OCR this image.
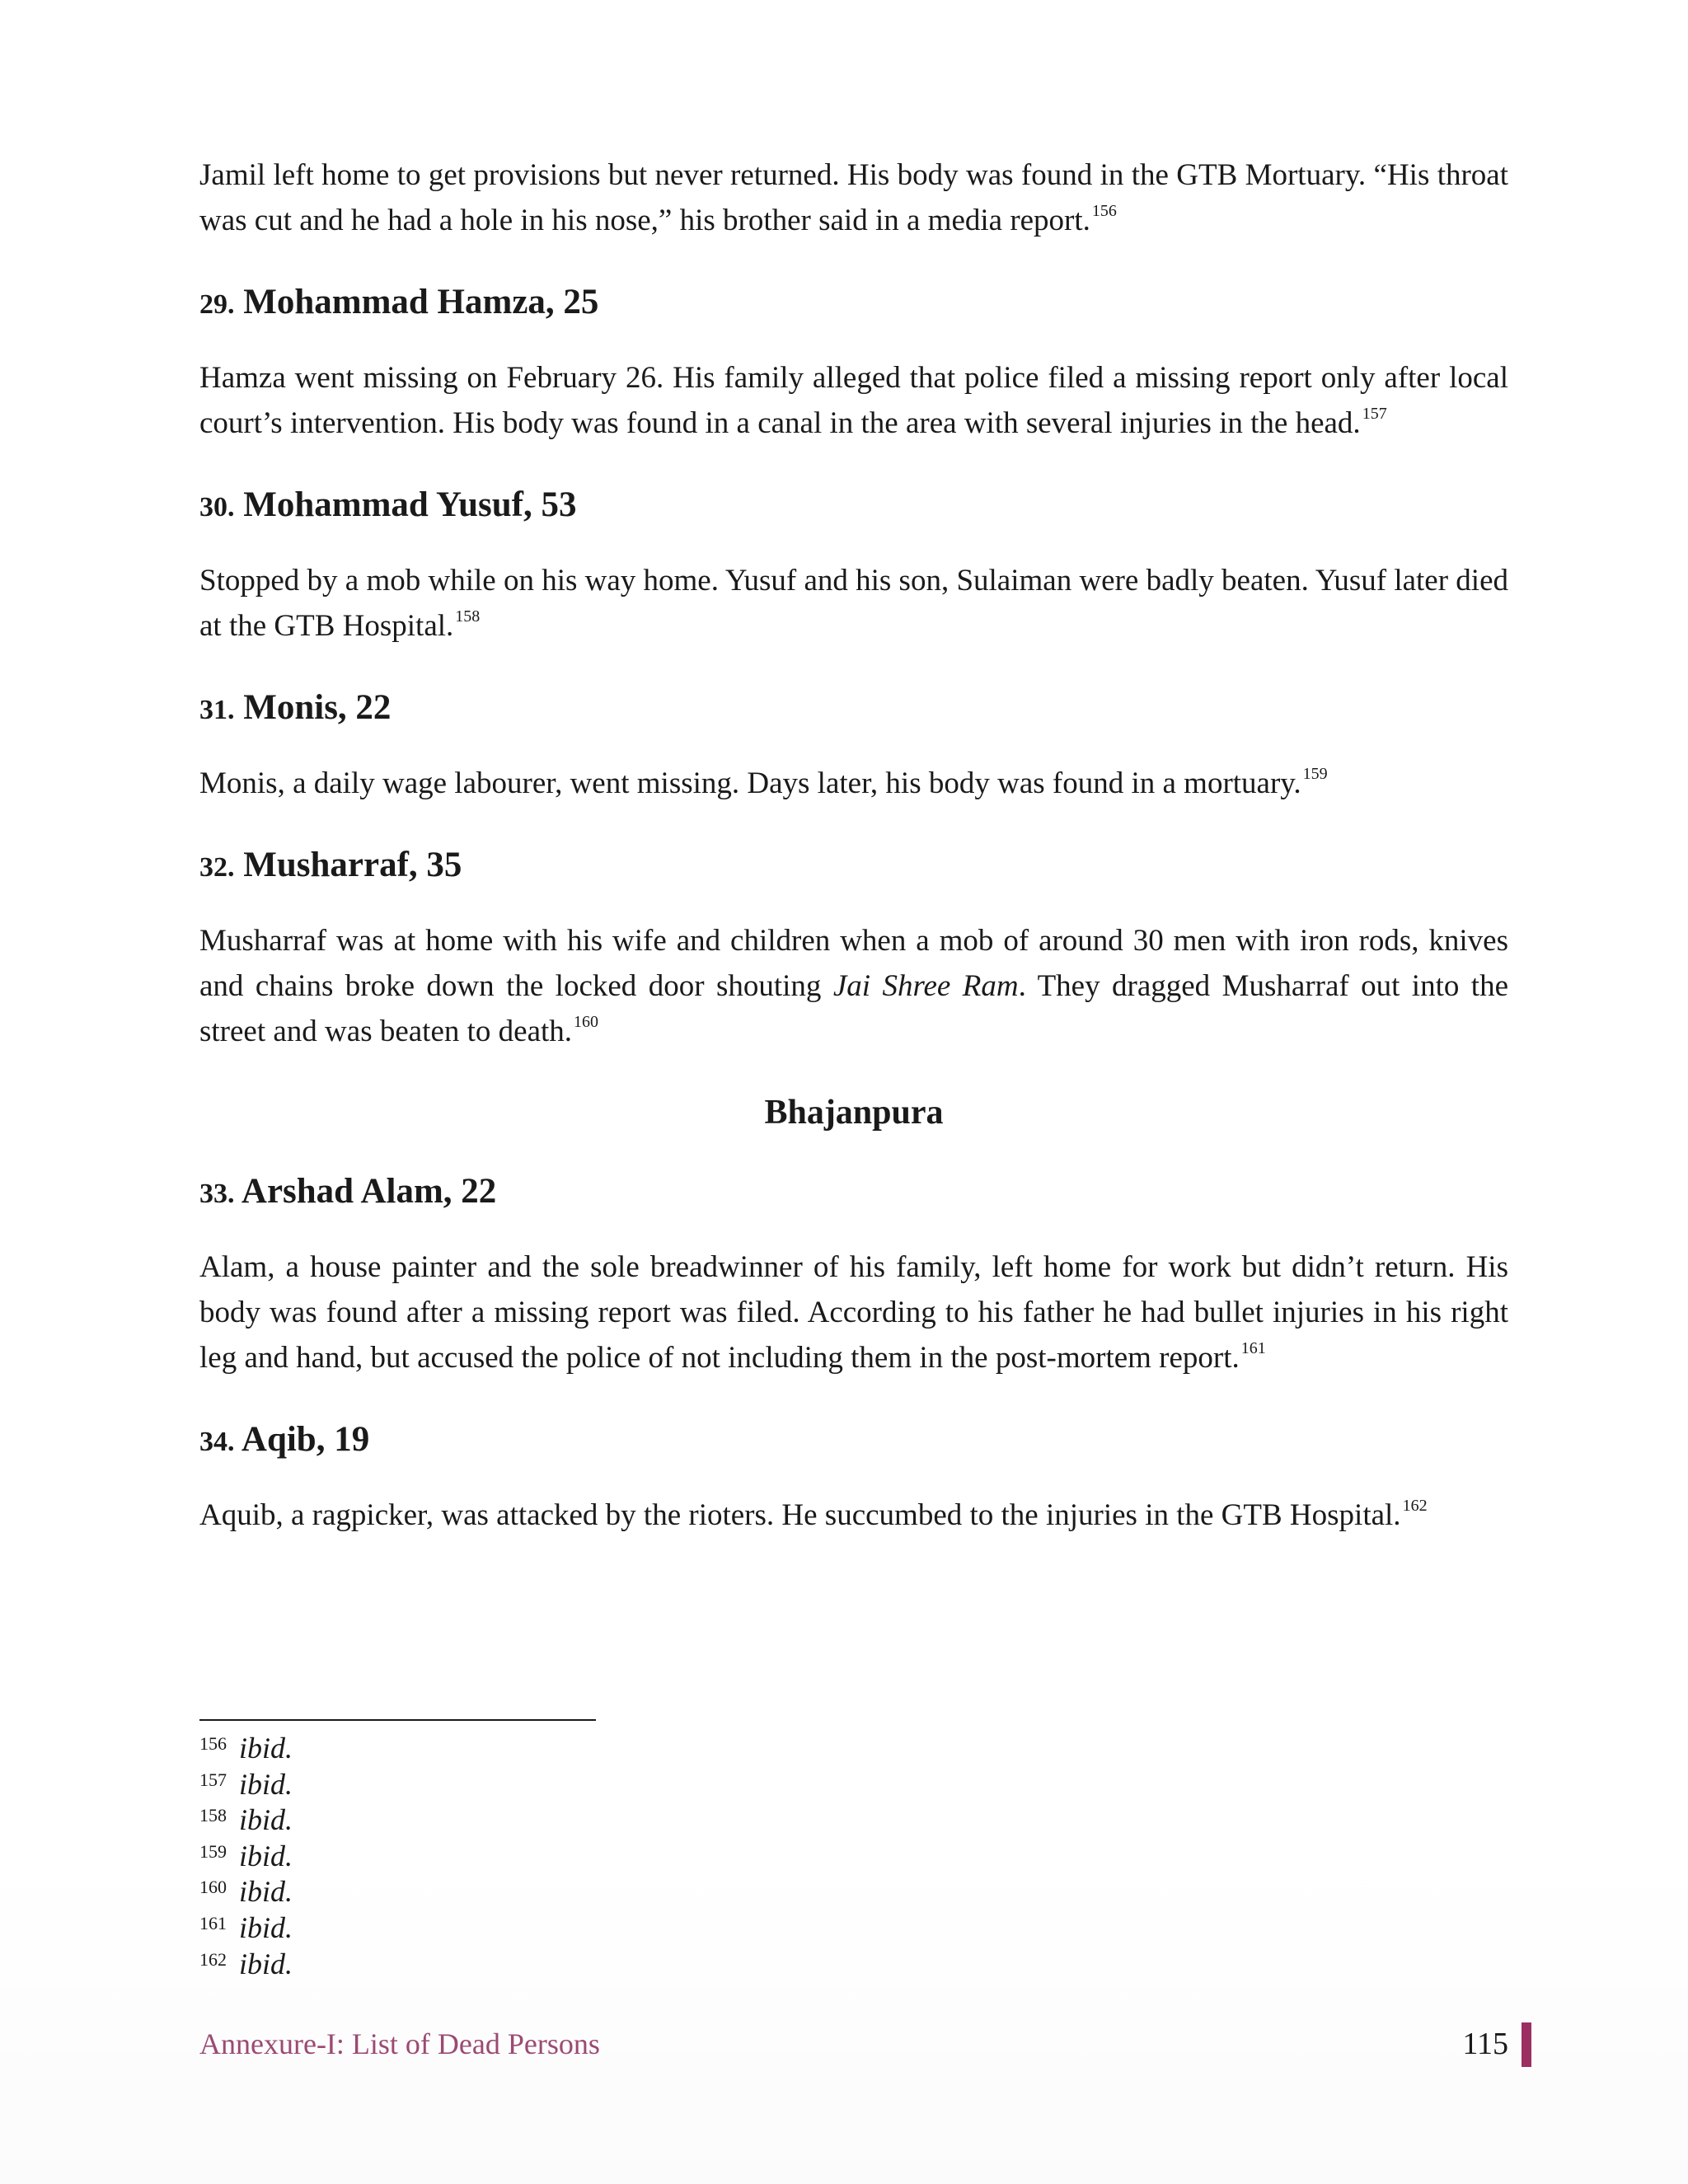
Jamil left home to get provisions but never returned. His body was found in the GTB Mortuary. “His throat was cut and he had a hole in his nose,” his brother said in a media report. $^{156}$

29. Mohammad Hamza, 25

Hamza went missing on February 26. His family alleged that police filed a missing report only after local court’s intervention. His body was found in a canal in the area with several injuries in the head. $^{157}$

30. Mohammad Yusuf, 53

Stopped by a mob while on his way home. Yusuf and his son, Sulaiman were badly beaten. Yusuf later died at the GTB Hospital. $^{158}$

31. Monis, 22

Monis, a daily wage labourer, went missing. Days later, his body was found in a mortuary. $^{159}$

32. Musharraf, 35

Musharraf was at home with his wife and children when a mob of around 30 men with iron rods, knives and chains broke down the locked door shouting Jai Shree Ram. They dragged Musharraf out into the street and was beaten to death. $^{160}$

Bhajanpura
33. Arshad Alam, 22

Alam, a house painter and the sole breadwinner of his family, left home for work but didn’t return. His body was found after a missing report was filed. According to his father he had bullet injuries in his right leg and hand, but accused the police of not including them in the post-mortem report. $^{161}$

34. Aqib, 19

Aquib, a ragpicker, was attacked by the rioters. He succumbed to the injuries in the GTB Hospital. $^{162}$

156 ibid.
157 ibid.
158 ibid.
159 ibid.
160 ibid.
161 ibid.
162 ibid.
Annexure-I: List of Dead Persons	115
